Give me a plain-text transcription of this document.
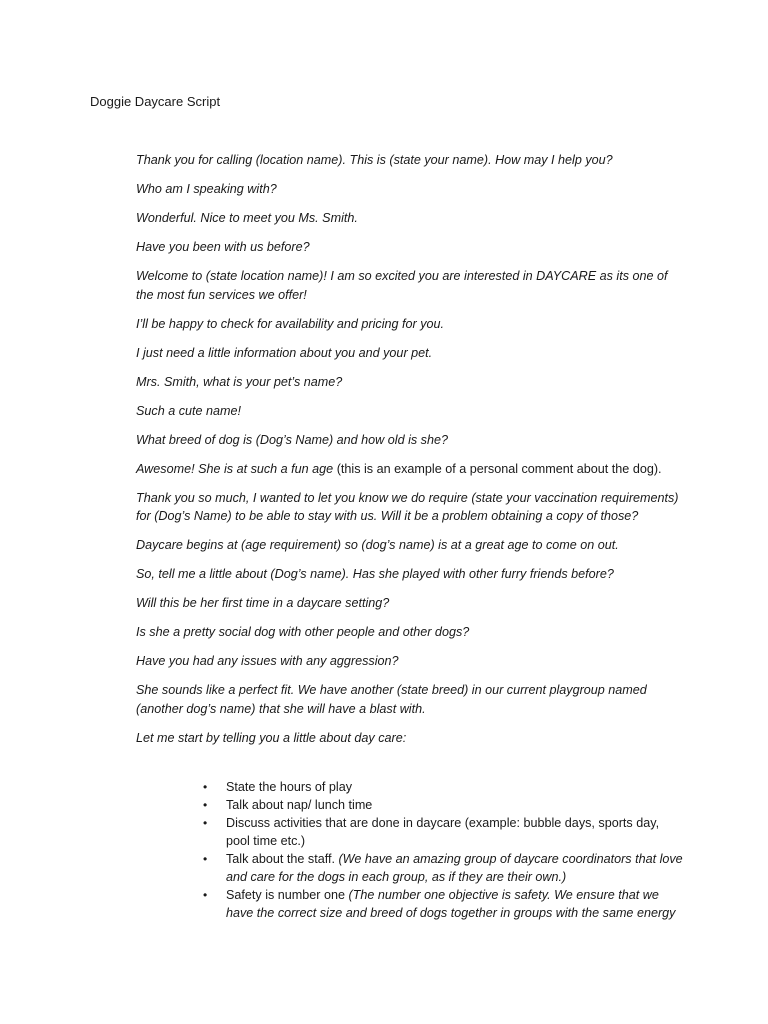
Doggie Daycare Script

Thank you for calling (location name). This is (state your name). How may I help you?

Who am I speaking with?

Wonderful. Nice to meet you Ms. Smith.

Have you been with us before?

Welcome to (state location name)! I am so excited you are interested in DAYCARE as its one of the most fun services we offer!

I’ll be happy to check for availability and pricing for you.

I just need a little information about you and your pet.

Mrs. Smith, what is your pet’s name?

Such a cute name!

What breed of dog is (Dog’s Name) and how old is she?

Awesome! She is at such a fun age (this is an example of a personal comment about the dog).

Thank you so much, I wanted to let you know we do require (state your vaccination requirements) for (Dog’s Name) to be able to stay with us. Will it be a problem obtaining a copy of those?

Daycare begins at (age requirement) so (dog’s name) is at a great age to come on out.

So, tell me a little about (Dog’s name). Has she played with other furry friends before?

Will this be her first time in a daycare setting?

Is she a pretty social dog with other people and other dogs?

Have you had any issues with any aggression?

She sounds like a perfect fit. We have another (state breed) in our current playgroup named (another dog’s name) that she will have a blast with.

Let me start by telling you a little about day care:

• State the hours of play
• Talk about nap/ lunch time
• Discuss activities that are done in daycare (example: bubble days, sports day, pool time etc.)
• Talk about the staff. (We have an amazing group of daycare coordinators that love and care for the dogs in each group, as if they are their own.)
• Safety is number one (The number one objective is safety. We ensure that we have the correct size and breed of dogs together in groups with the same energy
